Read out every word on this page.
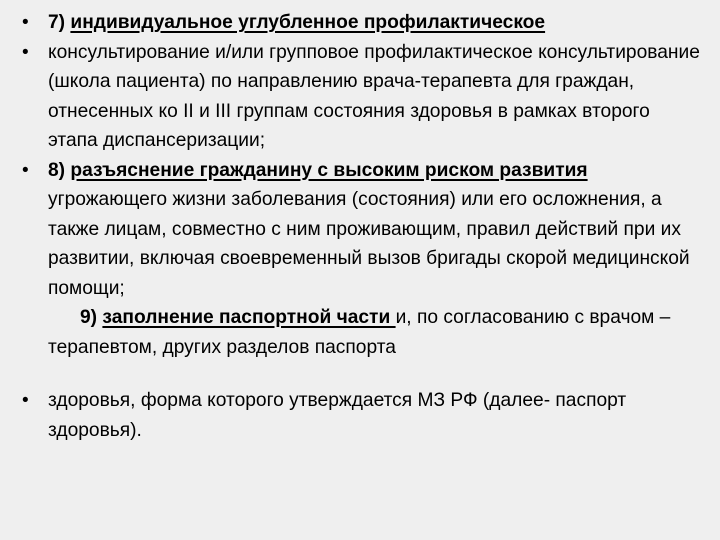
• 7) индивидуальное углубленное профилактическое
• консультирование и/или групповое профилактическое консультирование (школа пациента) по направлению врача-терапевта для граждан, отнесенных ко II и III группам состояния здоровья в рамках второго этапа диспансеризации;
• 8) разъяснение гражданину с высоким риском развития угрожающего жизни заболевания (состояния) или его осложнения, а также лицам, совместно с ним проживающим, правил действий при их развитии, включая своевременный вызов бригады скорой медицинской помощи;
9) заполнение паспортной части и, по согласованию с врачом –терапевтом, других разделов паспорта
• здоровья, форма которого утверждается МЗ РФ (далее- паспорт здоровья).
